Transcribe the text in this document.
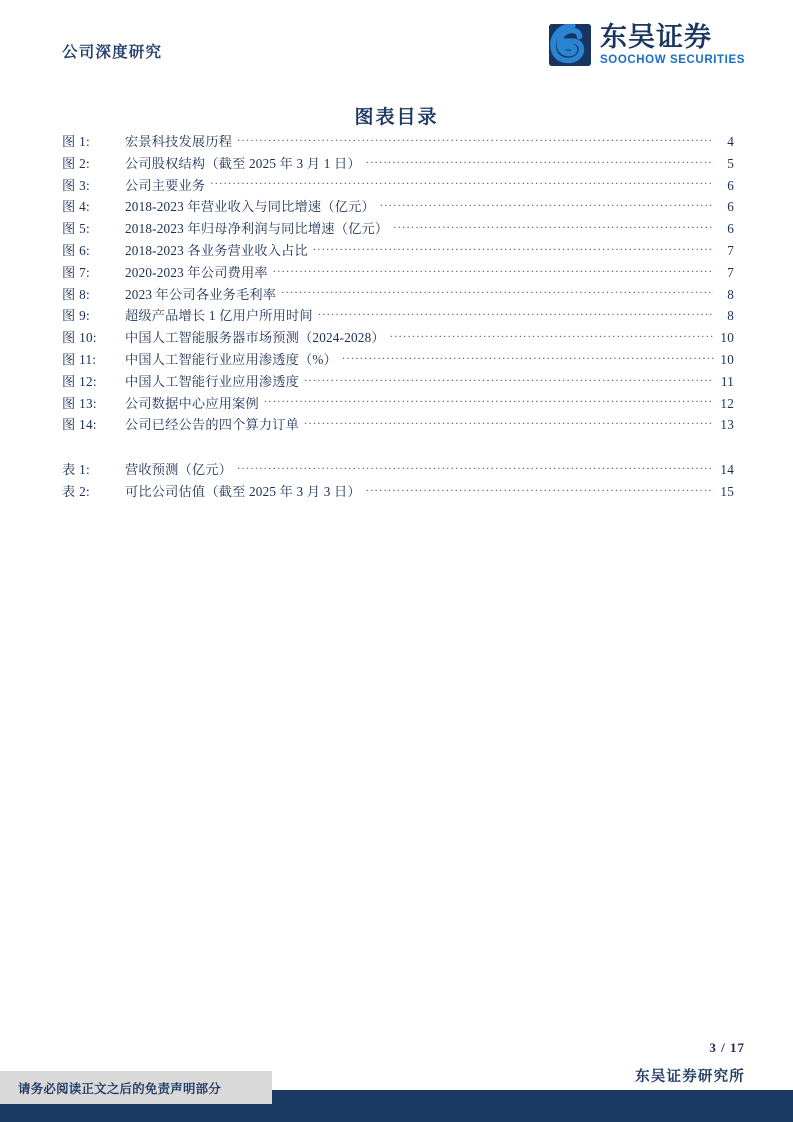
公司深度研究	东吴证券
SOOCHOW SECURITIES
图表目录
图 1:	宏景科技发展历程 .....	4
图 2:	公司股权结构（截至 2025 年 3 月 1 日） .....	5
图 3:	公司主要业务 .....	6
图 4:	2018-2023 年营业收入与同比增速（亿元） .....	6
图 5:	2018-2023 年归母净利润与同比增速（亿元） .....	6
图 6:	2018-2023 各业务营业收入占比 .....	7
图 7:	2020-2023 年公司费用率 .....	7
图 8:	2023 年公司各业务毛利率 .....	8
图 9:	超级产品增长 1 亿用户所用时间 .....	8
图 10:	中国人工智能服务器市场预测（2024-2028） .....	10
图 11:	中国人工智能行业应用渗透度（%） .....	10
图 12:	中国人工智能行业应用渗透度 .....	11
图 13:	公司数据中心应用案例 .....	12
图 14:	公司已经公告的四个算力订单 .....	13
表 1:	营收预测（亿元） .....	14
表 2:	可比公司估值（截至 2025 年 3 月 3 日） .....	15
3 / 17
东吴证券研究所
请务必阅读正文之后的免责声明部分
